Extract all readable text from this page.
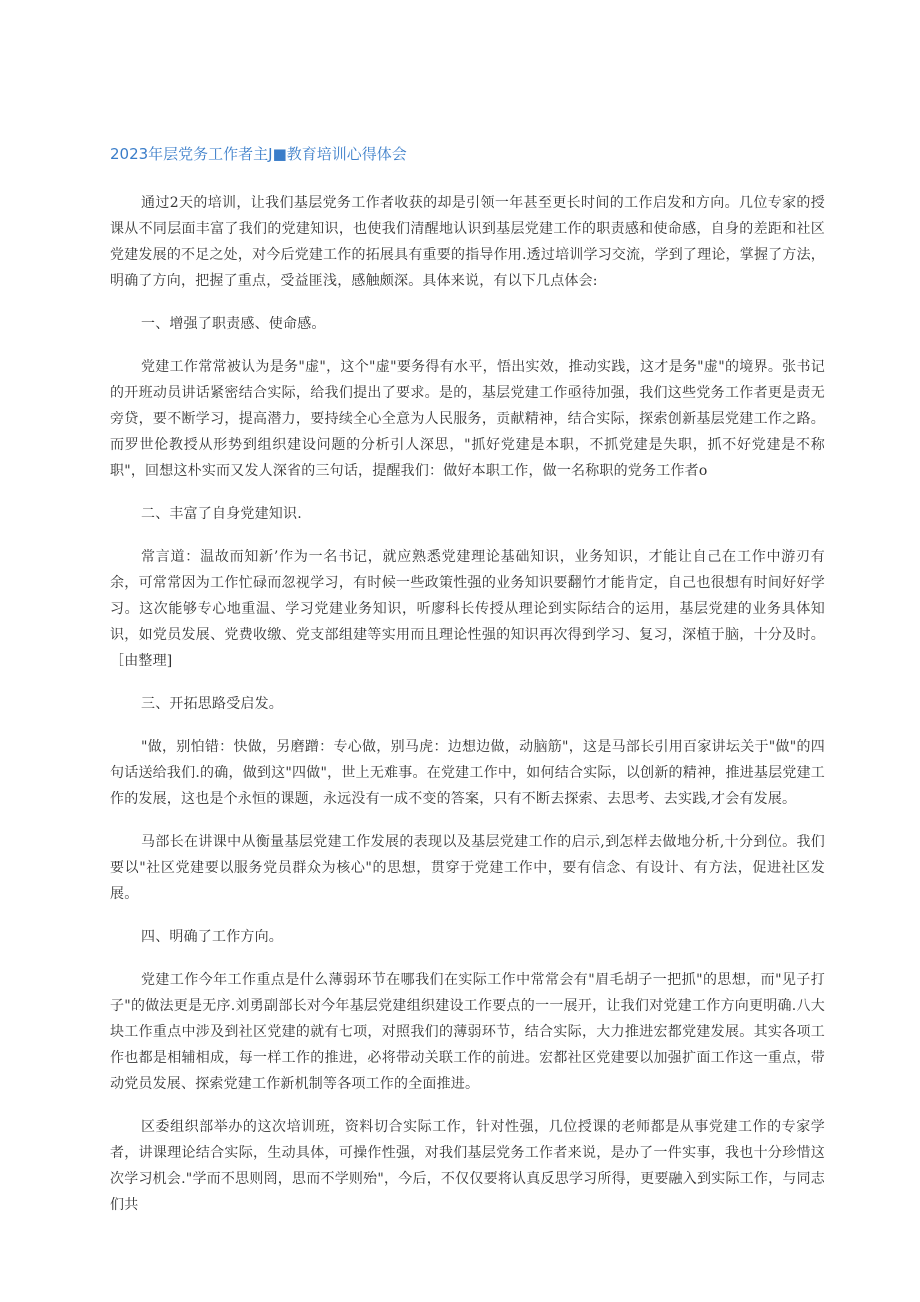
2023年层党务工作者主J■教育培训心得体会

通过2天的培训，让我们基层党务工作者收获的却是引领一年甚至更长时间的工作启发和方向。几位专家的授课从不同层面丰富了我们的党建知识，也使我们清醒地认识到基层党建工作的职责感和使命感，自身的差距和社区党建发展的不足之处，对今后党建工作的拓展具有重要的指导作用.透过培训学习交流，学到了理论，掌握了方法，明确了方向，把握了重点，受益匪浅，感触颇深。具体来说，有以下几点体会:

一、增强了职责感、使命感。

党建工作常常被认为是务"虚"，这个"虚"要务得有水平，悟出实效，推动实践，这才是务"虚"的境界。张书记的开班动员讲话紧密结合实际，给我们提出了要求。是的，基层党建工作亟待加强，我们这些党务工作者更是责无旁贷，要不断学习，提高潜力，要持续全心全意为人民服务，贡献精神，结合实际，探索创新基层党建工作之路。而罗世伦教授从形势到组织建设问题的分析引人深思，"抓好党建是本职，不抓党建是失职，抓不好党建是不称职"，回想这朴实而又发人深省的三句话，提醒我们：做好本职工作，做一名称职的党务工作者o

二、丰富了自身党建知识.

常言道：温故而知新’作为一名书记，就应熟悉党建理论基础知识，业务知识，才能让自己在工作中游刃有余，可常常因为工作忙碌而忽视学习，有时候一些政策性强的业务知识要翻竹才能肯定，自己也很想有时间好好学习。这次能够专心地重温、学习党建业务知识，听廖科长传授从理论到实际结合的运用，基层党建的业务具体知识，如党员发展、党费收缴、党支部组建等实用而且理论性强的知识再次得到学习、复习，深植于脑，十分及时。［由整理]

三、开拓思路受启发。

"做，别怕错：快做，另磨蹭：专心做，别马虎：边想边做，动脑筋"，这是马部长引用百家讲坛关于"做"的四句话送给我们.的确，做到这"四做"，世上无难事。在党建工作中，如何结合实际，以创新的精神，推进基层党建工作的发展，这也是个永恒的课题，永远没有一成不变的答案，只有不断去探索、去思考、去实践,才会有发展。

马部长在讲课中从衡量基层党建工作发展的表现以及基层党建工作的启示,到怎样去做地分析,十分到位。我们要以"社区党建要以服务党员群众为核心"的思想，贯穿于党建工作中，要有信念、有设计、有方法，促进社区发展。

四、明确了工作方向。

党建工作今年工作重点是什么薄弱环节在哪我们在实际工作中常常会有"眉毛胡子一把抓"的思想，而"见子打子"的做法更是无序.刘勇副部长对今年基层党建组织建设工作要点的一一展开，让我们对党建工作方向更明确.八大块工作重点中涉及到社区党建的就有七项，对照我们的薄弱环节，结合实际，大力推进宏都党建发展。其实各项工作也都是相辅相成，每一样工作的推进，必将带动关联工作的前进。宏都社区党建要以加强扩面工作这一重点，带动党员发展、探索党建工作新机制等各项工作的全面推进。

区委组织部举办的这次培训班，资料切合实际工作，针对性强，几位授课的老师都是从事党建工作的专家学者，讲课理论结合实际，生动具体，可操作性强，对我们基层党务工作者来说，是办了一件实事，我也十分珍惜这次学习机会."学而不思则罔，思而不学则殆"，今后，不仅仅要将认真反思学习所得，更要融入到实际工作，与同志们共
